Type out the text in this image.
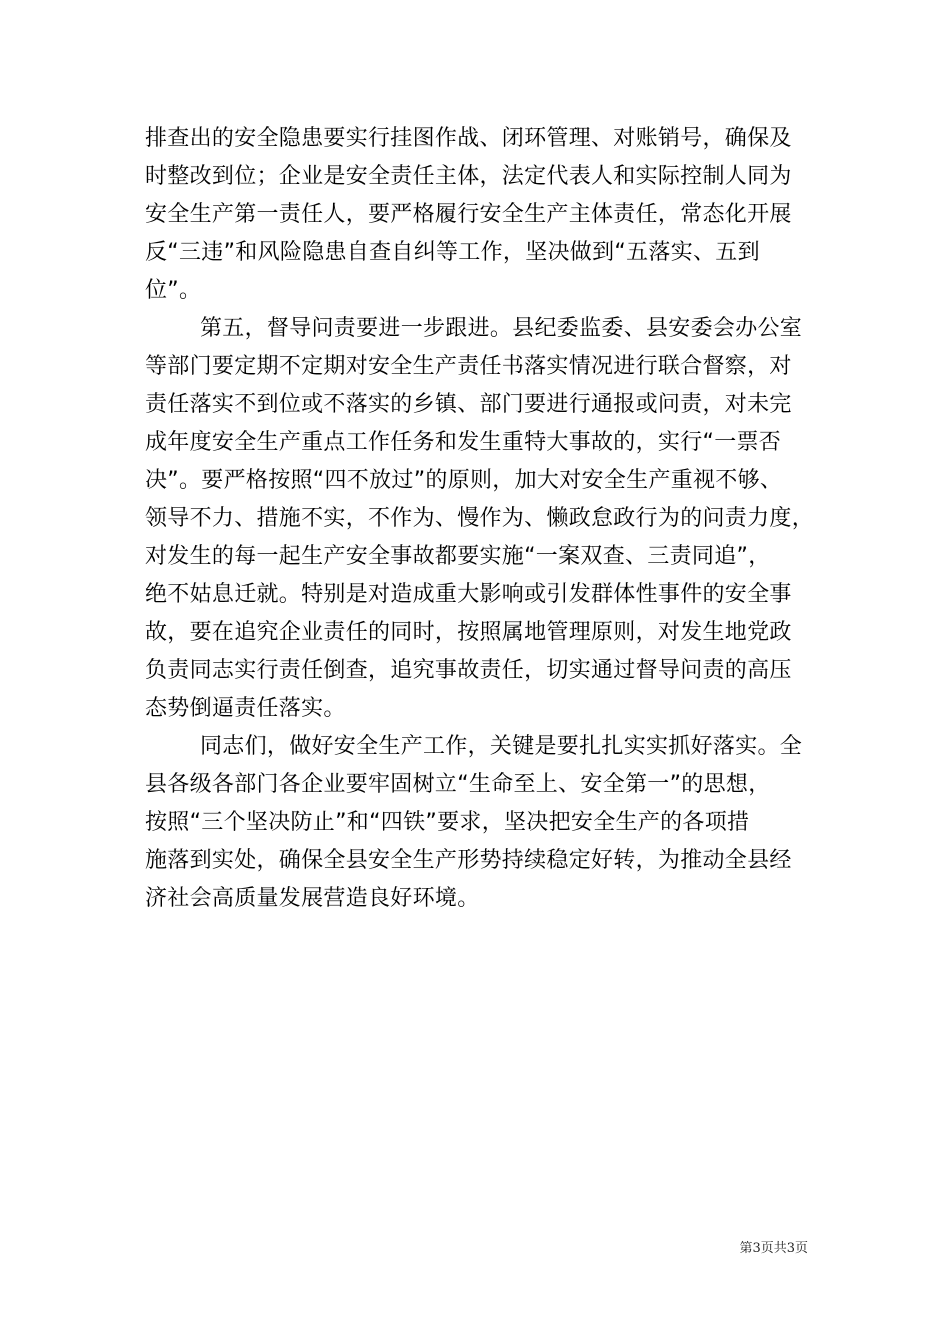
排查出的安全隐患要实行挂图作战、闭环管理、对账销号，确保及
时整改到位；企业是安全责任主体，法定代表人和实际控制人同为
安全生产第一责任人，要严格履行安全生产主体责任，常态化开展
反“三违”和风险隐患自查自纠等工作，坚决做到“五落实、五到
位”。
第五，督导问责要进一步跟进。县纪委监委、县安委会办公室
等部门要定期不定期对安全生产责任书落实情况进行联合督察，对
责任落实不到位或不落实的乡镇、部门要进行通报或问责，对未完
成年度安全生产重点工作任务和发生重特大事故的，实行“一票否
决”。要严格按照“四不放过”的原则，加大对安全生产重视不够、
领导不力、措施不实，不作为、慢作为、懒政怠政行为的问责力度，
对发生的每一起生产安全事故都要实施“一案双查、三责同追”，
绝不姑息迁就。特别是对造成重大影响或引发群体性事件的安全事
故，要在追究企业责任的同时，按照属地管理原则，对发生地党政
负责同志实行责任倒查，追究事故责任，切实通过督导问责的高压
态势倒逼责任落实。
同志们，做好安全生产工作，关键是要扎扎实实抓好落实。全
县各级各部门各企业要牢固树立“生命至上、安全第一”的思想，
按照“三个坚决防止”和“四铁”要求，坚决把安全生产的各项措
施落到实处，确保全县安全生产形势持续稳定好转，为推动全县经
济社会高质量发展营造良好环境。
第3页共3页
